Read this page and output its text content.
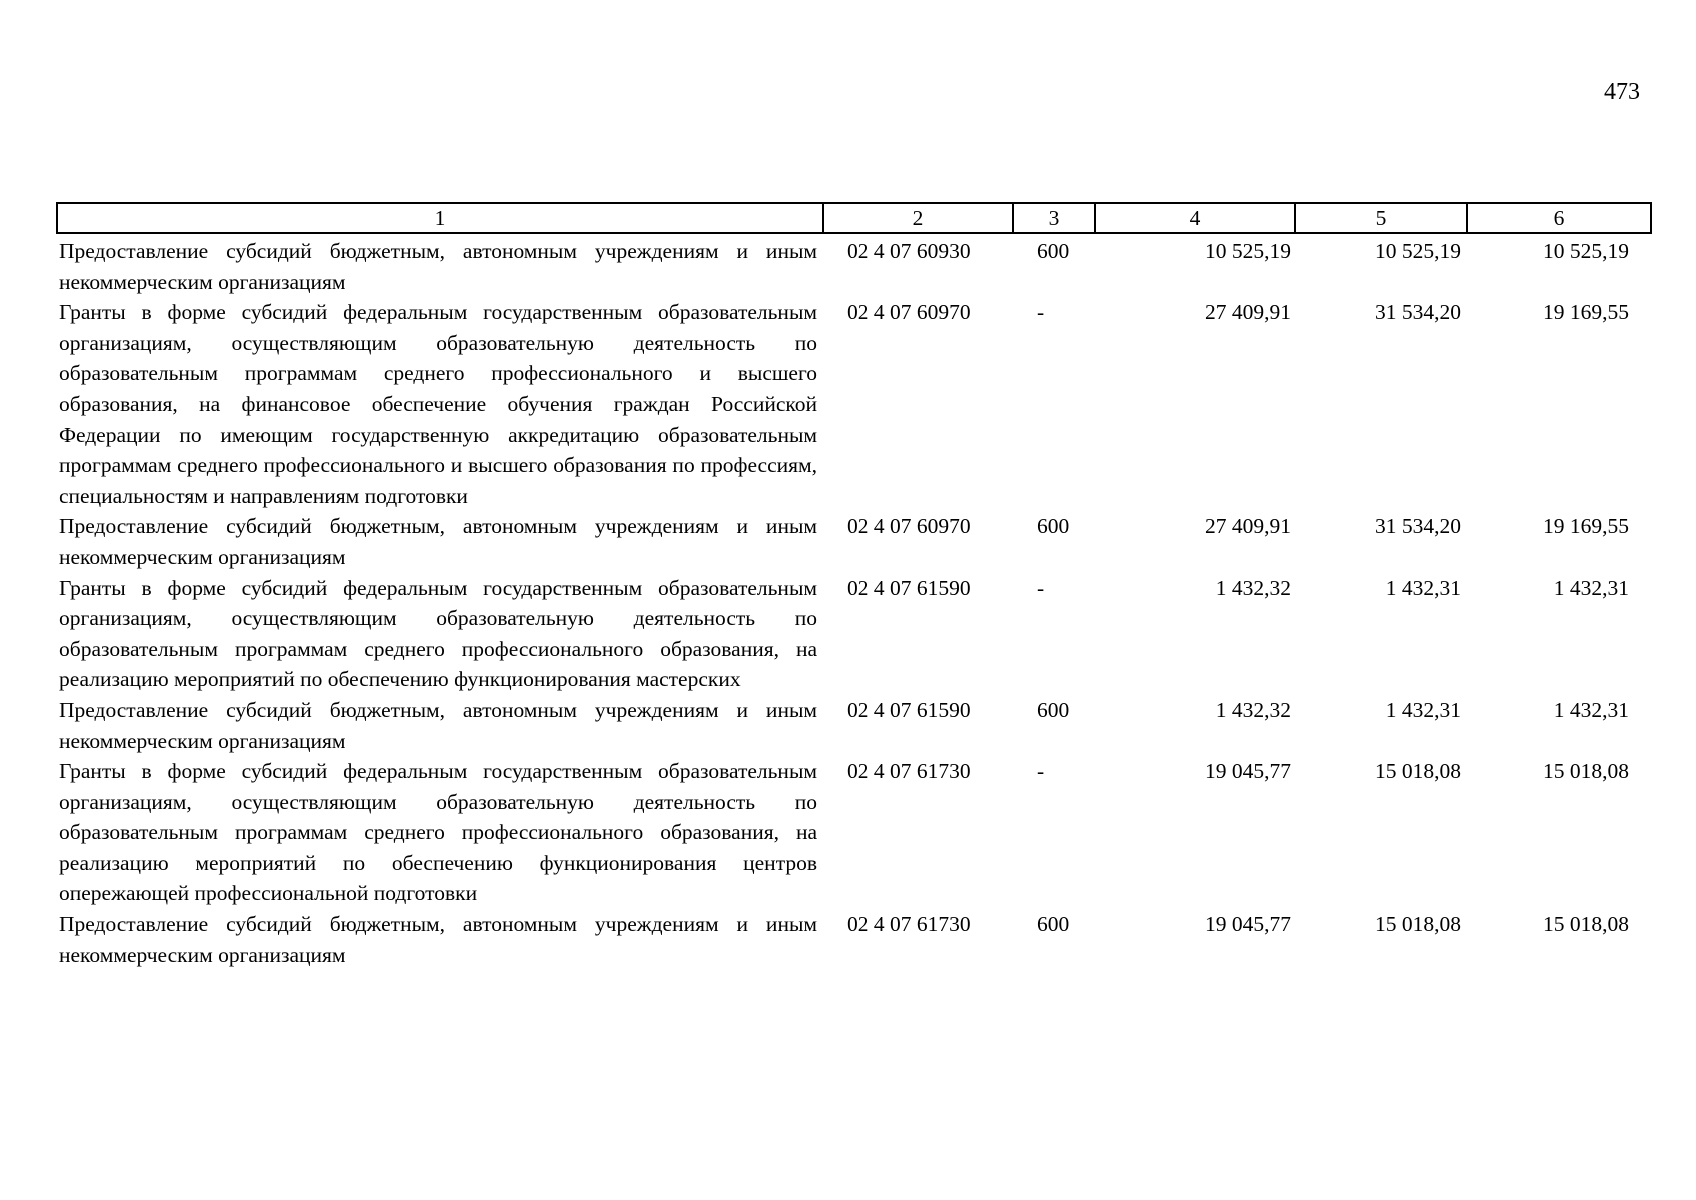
473
1	2	3	4	5	6
Предоставление субсидий бюджетным, автономным учреждениям и иным некоммерческим организациям	02 4 07 60930	600	10 525,19	10 525,19	10 525,19
Гранты в форме субсидий федеральным государственным образовательным организациям, осуществляющим образовательную деятельность по образовательным программам среднего профессионального и высшего образования, на финансовое обеспечение обучения граждан Российской Федерации по имеющим государственную аккредитацию образовательным программам среднего профессионального и высшего образования по профессиям, специальностям и направлениям подготовки	02 4 07 60970	-	27 409,91	31 534,20	19 169,55
Предоставление субсидий бюджетным, автономным учреждениям и иным некоммерческим организациям	02 4 07 60970	600	27 409,91	31 534,20	19 169,55
Гранты в форме субсидий федеральным государственным образовательным организациям, осуществляющим образовательную деятельность по образовательным программам среднего профессионального образования, на реализацию мероприятий по обеспечению функционирования мастерских	02 4 07 61590	-	1 432,32	1 432,31	1 432,31
Предоставление субсидий бюджетным, автономным учреждениям и иным некоммерческим организациям	02 4 07 61590	600	1 432,32	1 432,31	1 432,31
Гранты в форме субсидий федеральным государственным образовательным организациям, осуществляющим образовательную деятельность по образовательным программам среднего профессионального образования, на реализацию мероприятий по обеспечению функционирования центров опережающей профессиональной подготовки	02 4 07 61730	-	19 045,77	15 018,08	15 018,08
Предоставление субсидий бюджетным, автономным учреждениям и иным некоммерческим организациям	02 4 07 61730	600	19 045,77	15 018,08	15 018,08
